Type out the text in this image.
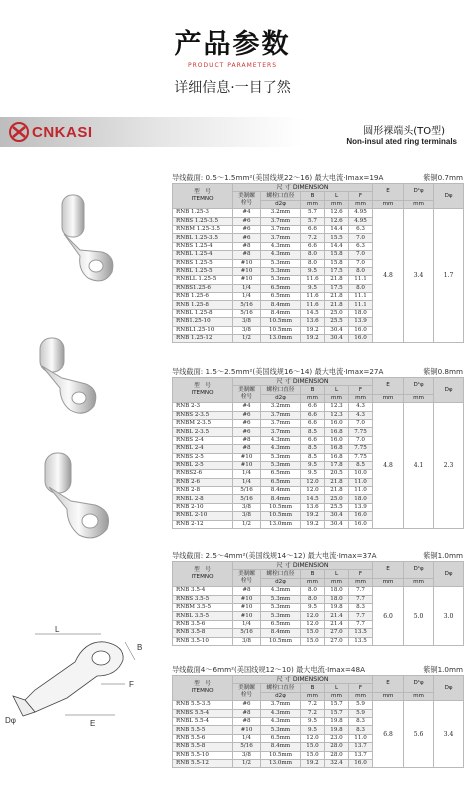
产品参数
PRODUCT PARAMETERS
详细信息·一目了然
CNKASI	圆形裸端头(TO型)
Non-insul ated ring terminals
L
B
Dφ
F
E
导线截面: 0.5～1.5mm²(美国线规22～16) 最大电流·Imax=19A	紫铜0.7mm
型　号
ITEMNO	尺 寸 DIMENSION					E	D¹φ	Dφ

	美制螺
栓号	螺栓口直径	B	L	F			
		d2φ	mm	mm	mm	mm	mm	
RNB 1.25-3	#4	3.2mm	5.7	12.6	4.95	4.8	3.4	1.7
RNBS 1.25-3.5	#6	3.7mm	5.7	12.6	4.95			
RNBM 1.25-3.5	#6	3.7mm	6.6	14.4	6.3			
RNBL 1.25-3.5	#6	3.7mm	7.2	15.5	7.0			
RNBS 1.25-4	#8	4.3mm	6.6	14.4	6.3			
RNBL 1.25-4	#8	4.3mm	8.0	15.8	7.0			
RNBS 1.25-5	#10	5.3mm	8.0	15.8	7.0			
RNBL 1.25-5	#10	5.3mm	9.5	17.5	8.0			
RNBLL 1.25-5	#10	5.3mm	11.6	21.8	11.1			
RNBS1.25-6	1/4	6.5mm	9.5	17.5	8.0			
RNB 1.25-6	1/4	6.5mm	11.6	21.8	11.1			
RNB 1.25-8	5/16	8.4mm	11.6	21.8	11.1			
RNBL 1.25-8	5/16	8.4mm	14.5	25.0	18.0			
RNB1.25-10	3/8	10.5mm	13.6	25.5	13.9			
RNBL1.25-10	3/8	10.5mm	19.2	30.4	16.0			
RNB 1.25-12	1/2	13.0mm	19.2	30.4	16.0			
导线截面: 1.5～2.5mm²(美国线规16～14) 最大电流·Imax=27A	紫铜0.8mm
型　号
ITEMNO	尺 寸 DIMENSION					E	D¹φ	Dφ

	美制螺
栓号	螺栓口直径	B	L	F			
		d2φ	mm	mm	mm	mm	mm	
RNB 2-3	#4	3.2mm	6.6	12.3	4.3	4.8	4.1	2.3
RNBS 2-3.5	#6	3.7mm	6.6	12.3	4.3			
RNBM 2-3.5	#6	3.7mm	6.6	16.0	7.0			
RNBL 2-3.5	#6	3.7mm	8.5	16.8	7.75			
RNBS 2-4	#8	4.3mm	6.6	16.0	7.0			
RNBL 2-4	#8	4.3mm	8.5	16.8	7.75			
RNBS 2-5	#10	5.3mm	8.5	16.8	7.75			
RNBL 2-5	#10	5.3mm	9.5	17.8	8.5			
RNBS2-6	1/4	6.5mm	9.5	20.5	10.0			
RNB 2-6	1/4	6.5mm	12.0	21.8	11.0			
RNB 2-8	5/16	8.4mm	12.0	21.8	11.0			
RNBL 2-8	5/16	8.4mm	14.5	25.0	18.0			
RNB 2-10	3/8	10.5mm	13.6	25.5	13.9			
RNBL 2-10	3/8	10.5mm	19.2	30.4	16.0			
RNB 2-12	1/2	13.0mm	19.2	30.4	16.0			
导线截面: 2.5～4mm²(美国线规14～12) 最大电流·Imax=37A	紫铜1.0mm
型　号
ITEMNO	尺 寸 DIMENSION					E	D¹φ	Dφ

	美制螺
栓号	螺栓口直径	B	L	F			
		d2φ	mm	mm	mm	mm	mm	
RNB 3.5-4	#8	4.3mm	8.0	18.0	7.7	6.0	5.0	3.0
RNBS 3.5-5	#10	5.3mm	8.0	18.0	7.7			
RNBM 3.5-5	#10	5.3mm	9.5	19.8	8.3			
RNBL 3.5-5	#10	5.3mm	12.0	21.4	7.7			
RNB 3.5-6	1/4	6.5mm	12.0	21.4	7.7			
RNB 3.5-8	5/16	8.4mm	15.0	27.0	13.5			
RNB 3.5-10	3/8	10.5mm	15.0	27.0	13.5			
导线截面4～6mm²(美国线规12～10) 最大电流·Imax=48A	紫铜1.0mm
型　号
ITEMNO	尺 寸 DIMENSION					E	D¹φ	Dφ

	美制螺
栓号	螺栓口直径	B	L	F			
		d2φ	mm	mm	mm	mm	mm	
RNB 5.5-3.5	#6	3.7mm	7.2	15.7	5.9	6.8	5.6	3.4
RNBS 5.5-4	#8	4.3mm	7.2	15.7	5.9			
RNBL 5.5-4	#8	4.3mm	9.5	19.8	8.3			
RNB 5.5-5	#10	5.3mm	9.5	19.8	8.3			
RNB 5.5-6	1/4	6.5mm	12.0	23.0	11.0			
RNB 5.5-8	5/16	8.4mm	15.0	28.0	13.7			
RNB 5.5-10	3/8	10.5mm	15.0	28.0	13.7			
RNB 5.5-12	1/2	13.0mm	19.2	32.4	16.0			
